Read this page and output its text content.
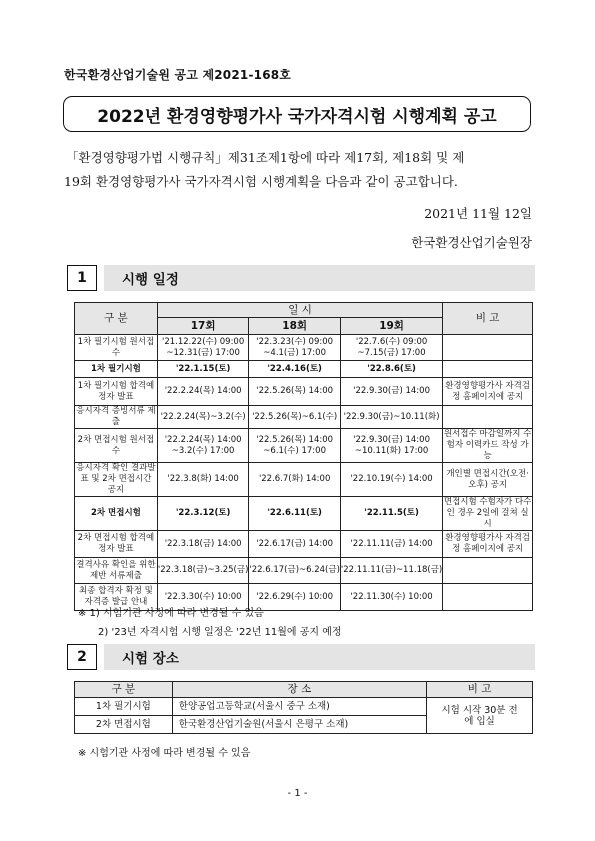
한국환경산업기술원 공고 제2021-168호
2022년 환경영향평가사 국가자격시험 시행계획 공고

「환경영향평가법 시행규칙」제31조제1항에 따라 제17회, 제18회 및 제

19회 환경영향평가사 국가자격시험 시행계획을 다음과 같이 공고합니다.

2021년 11월 12일
한국환경산업기술원장
1	시행 일정
구 분	일 시			비 고
	17회	18회	19회	
1차 필기시험 원서접수	'21.12.22(수) 09:00 ~12.31(금) 17:00	'22.3.23(수) 09:00 ~4.1(금) 17:00	'22.7.6(수) 09:00 ~7.15(금) 17:00	
1차 필기시험	'22.1.15(토)	'22.4.16(토)	'22.8.6(토)	
1차 필기시험 합격예정자 발표	'22.2.24(목) 14:00	'22.5.26(목) 14:00	'22.9.30(금) 14:00	환경영향평가사 자격검정 홈페이지에 공지
응시자격 증빙서류 제출	'22.2.24(목)~3.2(수)	'22.5.26(목)~6.1(수)	'22.9.30(금)~10.11(화)	
2차 면접시험 원서접수	'22.2.24(목) 14:00 ~3.2(수) 17:00	'22.5.26(목) 14:00 ~6.1(수) 17:00	'22.9.30(금) 14:00 ~10.11(화) 17:00	원서접수 마감일까지 수험자 이력카드 작성 가능
응시자격 확인 결과발표 및 2차 면접시간 공지	'22.3.8(화) 14:00	'22.6.7(화) 14:00	'22.10.19(수) 14:00	개인별 면접시간(오전·오후) 공지
2차 면접시험	'22.3.12(토)	'22.6.11(토)	'22.11.5(토)	면접시험 수험자가 다수인 경우 2일에 걸쳐 실시
2차 면접시험 합격예정자 발표	'22.3.18(금) 14:00	'22.6.17(금) 14:00	'22.11.11(금) 14:00	환경영향평가사 자격검정 홈페이지에 공지
결격사유 확인을 위한 제반 서류제출	'22.3.18(금)~3.25(금)	'22.6.17(금)~6.24(금)	'22.11.11(금)~11.18(금)	
최종 합격자 확정 및 자격증 발급 안내	'22.3.30(수) 10:00	'22.6.29(수) 10:00	'22.11.30(수) 10:00	
※ 1) 시험기관 사정에 따라 변경될 수 있음
2) '23년 자격시험 시행 일정은 '22년 11월에 공지 예정
2	시험 장소
구 분	장 소	비 고
1차 필기시험	한양공업고등학교(서울시 중구 소재)	시험 시작 30분 전에 입실
2차 면접시험	한국환경산업기술원(서울시 은평구 소재)	
※ 시험기관 사정에 따라 변경될 수 있음
- 1 -
